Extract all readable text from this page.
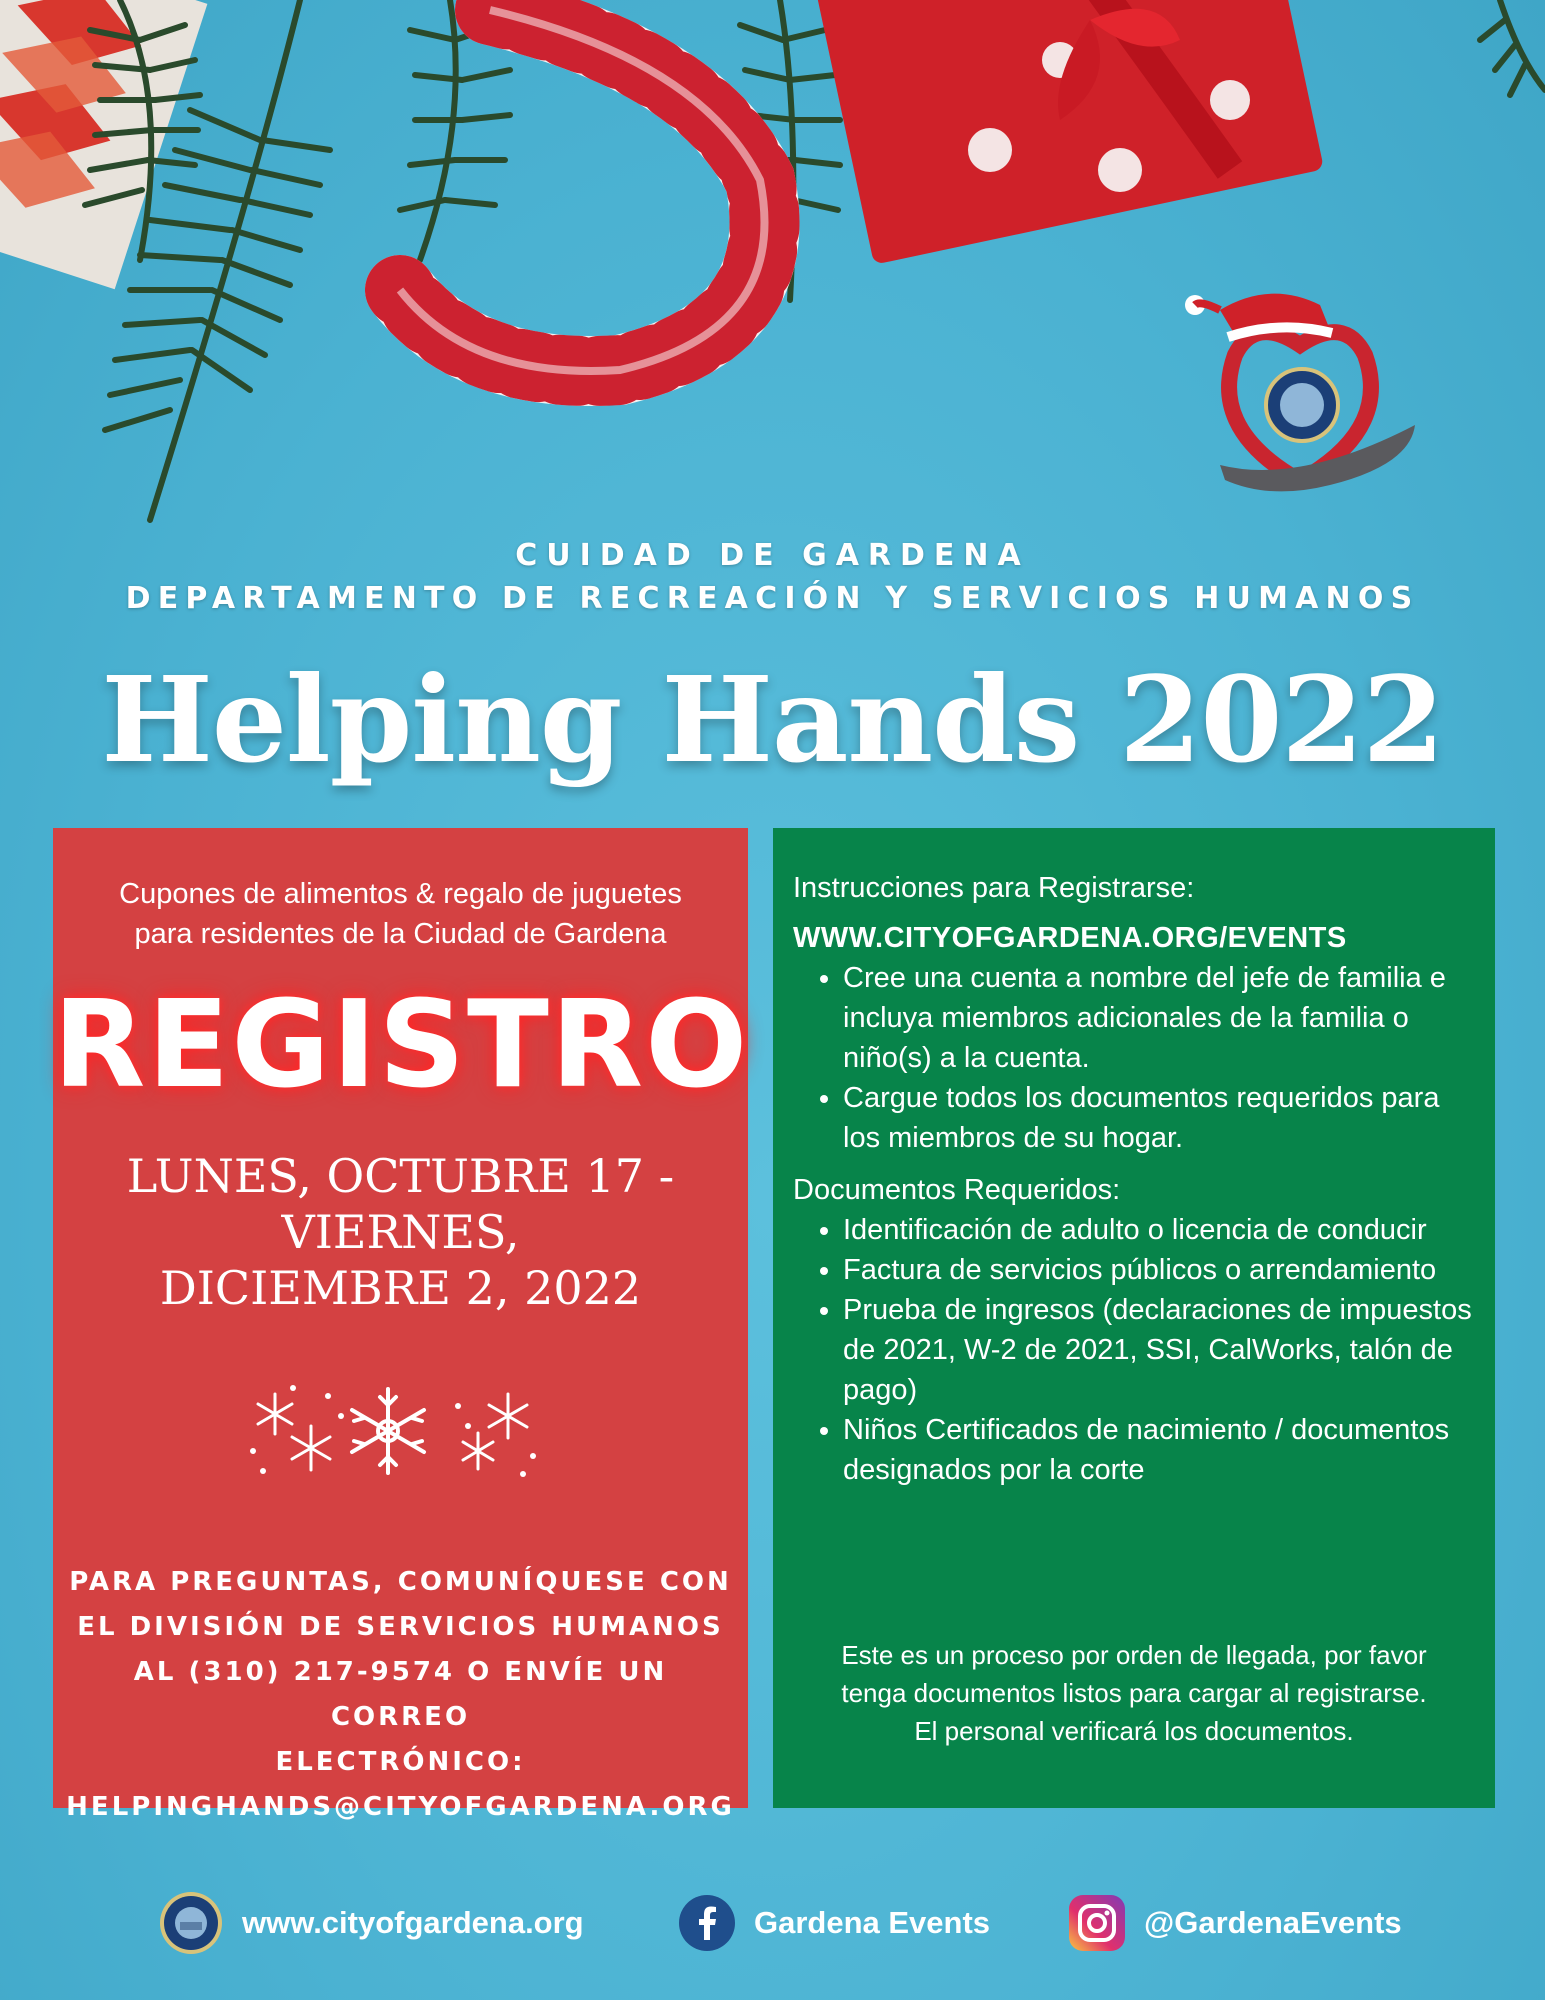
CUIDAD DE GARDENA
DEPARTAMENTO DE RECREACIÓN Y SERVICIOS HUMANOS
Helping Hands 2022
Cupones de alimentos & regalo de juguetes
para residentes de la Ciudad de Gardena
REGISTRO
LUNES, OCTUBRE 17 -
VIERNES,
DICIEMBRE 2, 2022
PARA PREGUNTAS, COMUNÍQUESE CON
EL DIVISIÓN DE SERVICIOS HUMANOS
AL (310) 217-9574 O ENVÍE UN CORREO
ELECTRÓNICO:
HELPINGHANDS@CITYOFGARDENA.ORG
Instrucciones para Registrarse:
WWW.CITYOFGARDENA.ORG/EVENTS
• Cree una cuenta a nombre del jefe de familia e incluya miembros adicionales de la familia o niño(s) a la cuenta.
• Cargue todos los documentos requeridos para los miembros de su hogar.
Documentos Requeridos:
• Identificación de adulto o licencia de conducir
• Factura de servicios públicos o arrendamiento
• Prueba de ingresos (declaraciones de impuestos de 2021, W-2 de 2021, SSI, CalWorks, talón de pago)
• Niños Certificados de nacimiento / documentos designados por la corte
Este es un proceso por orden de llegada, por favor
tenga documentos listos para cargar al registrarse.
El personal verificará los documentos.
www.cityofgardena.org	Gardena Events	@GardenaEvents
